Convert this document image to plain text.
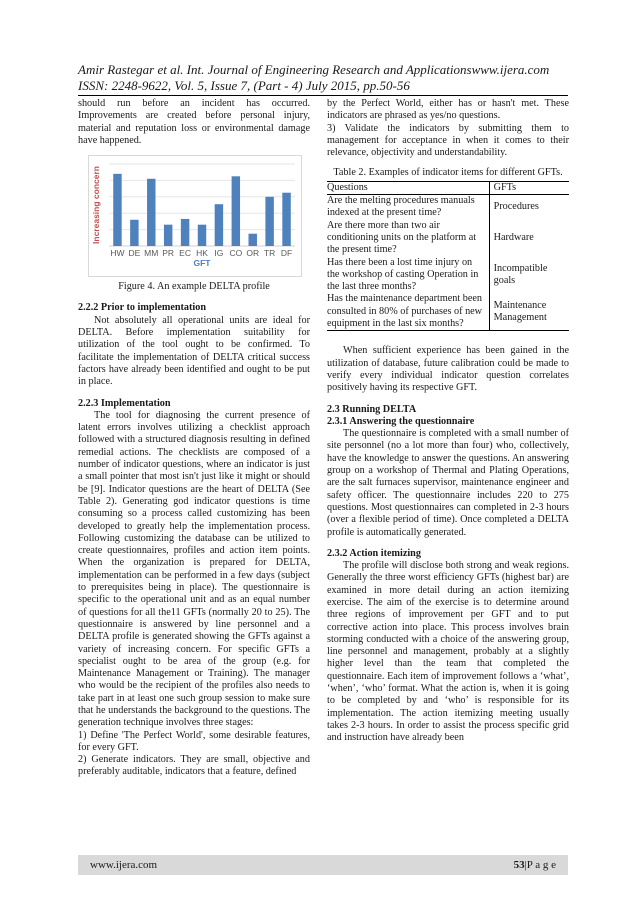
Amir Rastegar et al. Int. Journal of Engineering Research and Applicationswww.ijera.com
ISSN: 2248-9622, Vol. 5, Issue 7, (Part - 4) July 2015, pp.50-56

should run before an incident has occurred. Improvements are created before personal injury, material and reputation loss or environmental damage have happened.

HW DE MM PR EC HK IG CO OR TR DF
GFT
Increasing concern

Figure 4. An example DELTA profile

2.2.2 Prior to implementation

Not absolutely all operational units are ideal for DELTA. Before implementation suitability for utilization of the tool ought to be confirmed. To facilitate the implementation of DELTA critical success factors have already been identified and ought to be put in place.

2.2.3 Implementation

The tool for diagnosing the current presence of latent errors involves utilizing a checklist approach followed with a structured diagnosis resulting in defined remedial actions. The checklists are composed of a number of indicator questions, where an indicator is just a small pointer that most isn't just like it might or should be [9]. Indicator questions are the heart of DELTA (See Table 2). Generating god indicator questions is time consuming so a process called customizing has been developed to greatly help the implementation process. Following customizing the database can be utilized to create questionnaires, profiles and action item points. When the organization is prepared for DELTA, implementation can be performed in a few days (subject to prerequisites being in place). The questionnaire is specific to the operational unit and as an equal number of questions for all the11 GFTs (normally 20 to 25). The questionnaire is answered by line personnel and a DELTA profile is generated showing the GFTs against a variety of increasing concern. For specific GFTs a specialist ought to be area of the group (e.g. for Maintenance Management or Training). The manager who would be the recipient of the profiles also needs to take part in at least one such group session to make sure that he understands the background to the questions. The generation technique involves three stages:

1) Define 'The Perfect World', some desirable features, for every GFT.

2) Generate indicators. They are small, objective and preferably auditable, indicators that a feature, defined

by the Perfect World, either has or hasn't met. These indicators are phrased as yes/no questions.

3) Validate the indicators by submitting them to management for acceptance in when it comes to their relevance, objectivity and understandability.

Table 2. Examples of indicator items for different GFTs.

Questions	GFTs
Are the melting procedures manuals indexed at the present time?	Procedures
Are there more than two air conditioning units on the platform at the present time?	Hardware
Has there been a lost time injury on the workshop of casting Operation in the last three months?	Incompatible goals
Has the maintenance department been consulted in 80% of purchases of new equipment in the last six months?	Maintenance Management

When sufficient experience has been gained in the utilization of database, future calibration could be made to verify every individual indicator question correlates positively having its respective GFT.

2.3 Running DELTA

2.3.1 Answering the questionnaire

The questionnaire is completed with a small number of site personnel (no a lot more than four) who, collectively, have the knowledge to answer the questions. An answering group on a workshop of Thermal and Plating Operations, are the salt furnaces supervisor, maintenance engineer and safety officer. The questionnaire includes 220 to 275 questions. Most questionnaires can completed in 2-3 hours (over a flexible period of time). Once completed a DELTA profile is automatically generated.

2.3.2 Action itemizing

The profile will disclose both strong and weak regions. Generally the three worst efficiency GFTs (highest bar) are examined in more detail during an action itemizing exercise. The aim of the exercise is to determine around three regions of improvement per GFT and to put corrective action into place. This process involves brain storming conducted with a choice of the answering group, line personnel and management, probably at a slightly higher level than the team that completed the questionnaire. Each item of improvement follows a ‘what’, ‘when’, ‘who’ format. What the action is, when it is going to be completed by and ‘who’ is responsible for its implementation. The action itemizing meeting usually takes 2-3 hours. In order to assist the process specific grid and instruction have already been

www.ijera.com	53|P a g e
